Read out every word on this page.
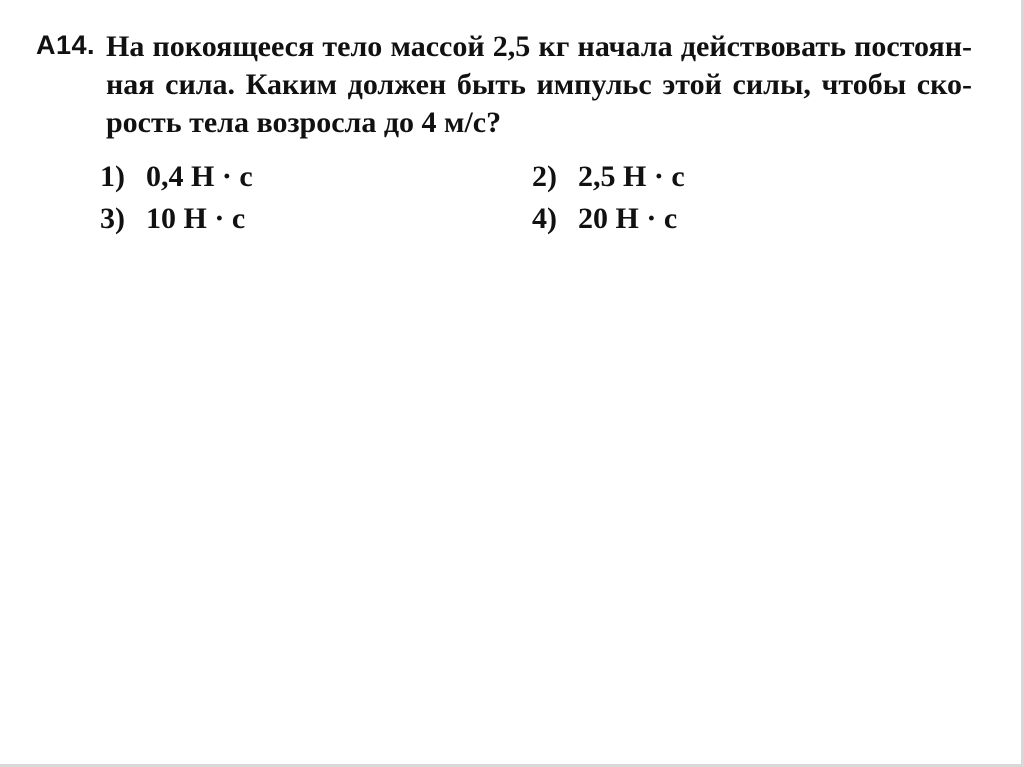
А14. На покоящееся тело массой 2,5 кг начала действовать постоян-
ная сила. Каким должен быть импульс этой силы, чтобы ско-
рость тела возросла до 4 м/с?
1) 0,4 Н · с	2) 2,5 Н · с
3) 10 Н · с	4) 20 Н · с
